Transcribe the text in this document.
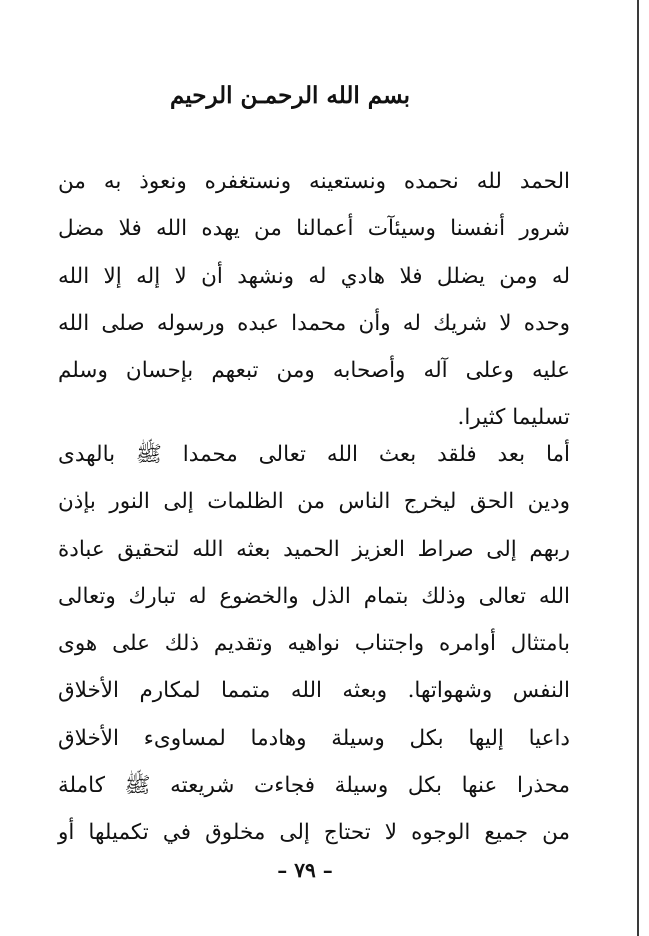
بسم الله الرحمـن الرحيم
الحمد لله نحمده ونستعينه ونستغفره ونعوذ به من
شرور أنفسنا وسيئآت أعمالنا من يهده الله فلا مضل
له ومن يضلل فلا هادي له ونشهد أن لا إله إلا الله
وحده لا شريك له وأن محمدا عبده ورسوله صلى الله
عليه وعلى آله وأصحابه ومن تبعهم بإحسان وسلم
تسليما كثيرا.
أما بعد فلقد بعث الله تعالى محمدا ﷺ بالهدى
ودين الحق ليخرج الناس من الظلمات إلى النور بإذن
ربهم إلى صراط العزيز الحميد بعثه الله لتحقيق عبادة
الله تعالى وذلك بتمام الذل والخضوع له تبارك وتعالى
بامتثال أوامره واجتناب نواهيه وتقديم ذلك على هوى
النفس وشهواتها. وبعثه الله متمما لمكارم الأخلاق
داعيا إليها بكل وسيلة وهادما لمساوىء الأخلاق
محذرا عنها بكل وسيلة فجاءت شريعته ﷺ كاملة
من جميع الوجوه لا تحتاج إلى مخلوق في تكميلها أو
– ٧٩ –
